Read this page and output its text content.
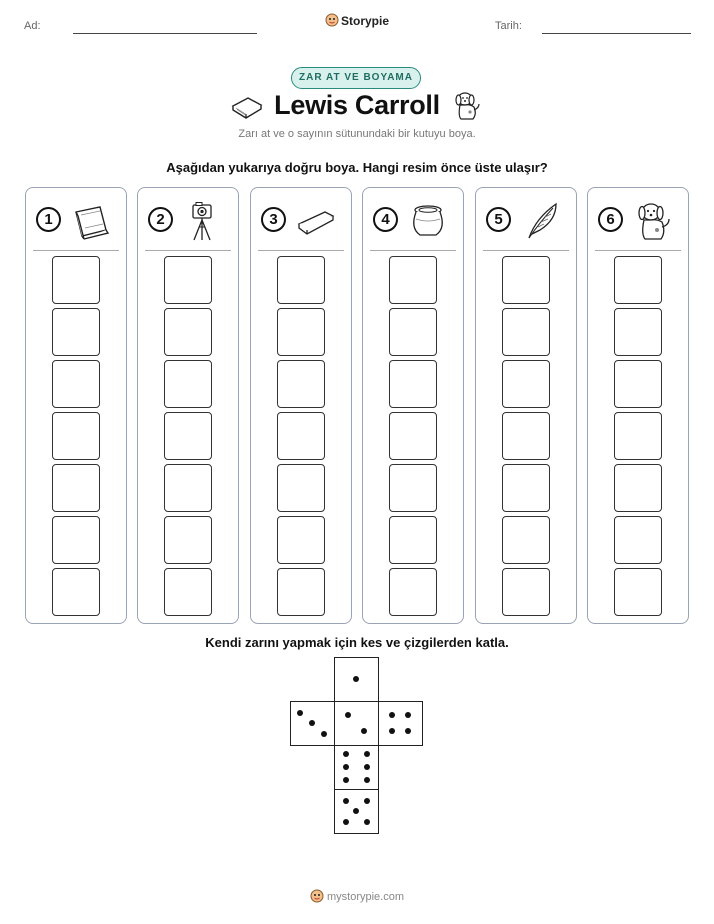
Ad:	Storypie	Tarih:
ZAR AT VE BOYAMA
Lewis Carroll
Zarı at ve o sayının sütunundaki bir kutuyu boya.
Aşağıdan yukarıya doğru boya. Hangi resim önce üste ulaşır?
1	2	3	4	5	6
Kendi zarını yapmak için kes ve çizgilerden katla.
mystorypie.com
